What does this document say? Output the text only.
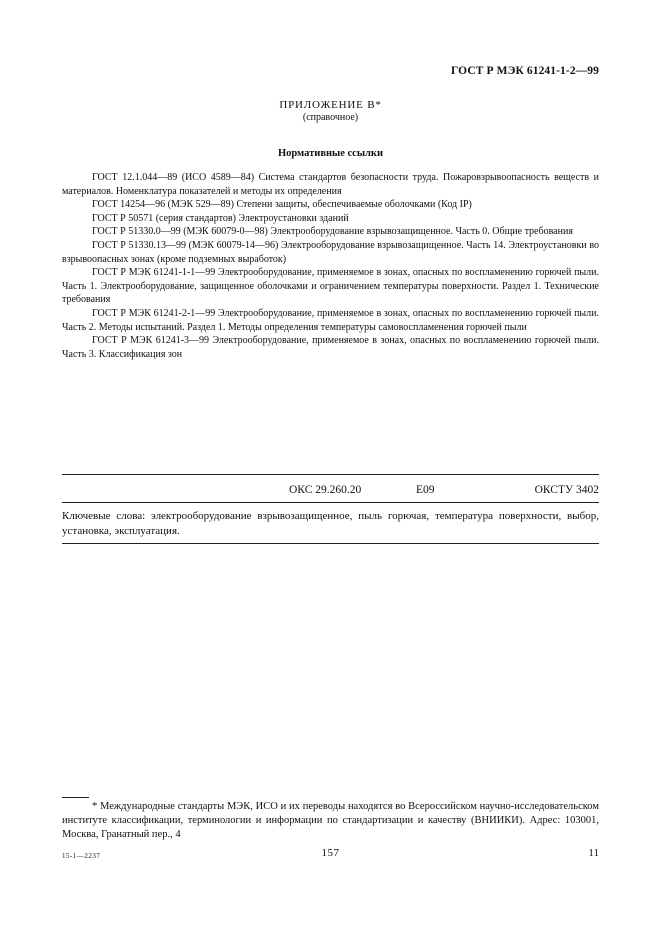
ГОСТ Р МЭК 61241-1-2—99
ПРИЛОЖЕНИЕ В*
(справочное)
Нормативные ссылки

ГОСТ 12.1.044—89 (ИСО 4589—84) Система стандартов безопасности труда. Пожаровзрывоопасность веществ и материалов. Номенклатура показателей и методы их определения

ГОСТ 14254—96 (МЭК 529—89) Степени защиты, обеспечиваемые оболочками (Код IP)

ГОСТ Р 50571 (серия стандартов) Электроустановки зданий

ГОСТ Р 51330.0—99 (МЭК 60079-0—98) Электрооборудование взрывозащищенное. Часть 0. Общие требования

ГОСТ Р 51330.13—99 (МЭК 60079-14—96) Электрооборудование взрывозащищенное. Часть 14. Электроустановки во взрывоопасных зонах (кроме подземных выработок)

ГОСТ Р МЭК 61241-1-1—99 Электрооборудование, применяемое в зонах, опасных по воспламенению горючей пыли. Часть 1. Электрооборудование, защищенное оболочками и ограничением температуры поверхности. Раздел 1. Технические требования

ГОСТ Р МЭК 61241-2-1—99 Электрооборудование, применяемое в зонах, опасных по воспламенению горючей пыли. Часть 2. Методы испытаний. Раздел 1. Методы определения температуры самовоспламенения горючей пыли

ГОСТ Р МЭК 61241-3—99 Электрооборудование, применяемое в зонах, опасных по воспламенению горючей пыли. Часть 3. Классификация зон

ОКС 29.260.20	Е09	ОКСТУ 3402
Ключевые слова: электрооборудование взрывозащищенное, пыль горючая, температура поверхности, выбор, установка, эксплуатация.

* Международные стандарты МЭК, ИСО и их переводы находятся во Всероссийском научно-исследовательском институте классификации, терминологии и информации по стандартизации и качеству (ВНИИКИ). Адрес: 103001, Москва, Гранатный пер., 4

15-1—2237	157	11
